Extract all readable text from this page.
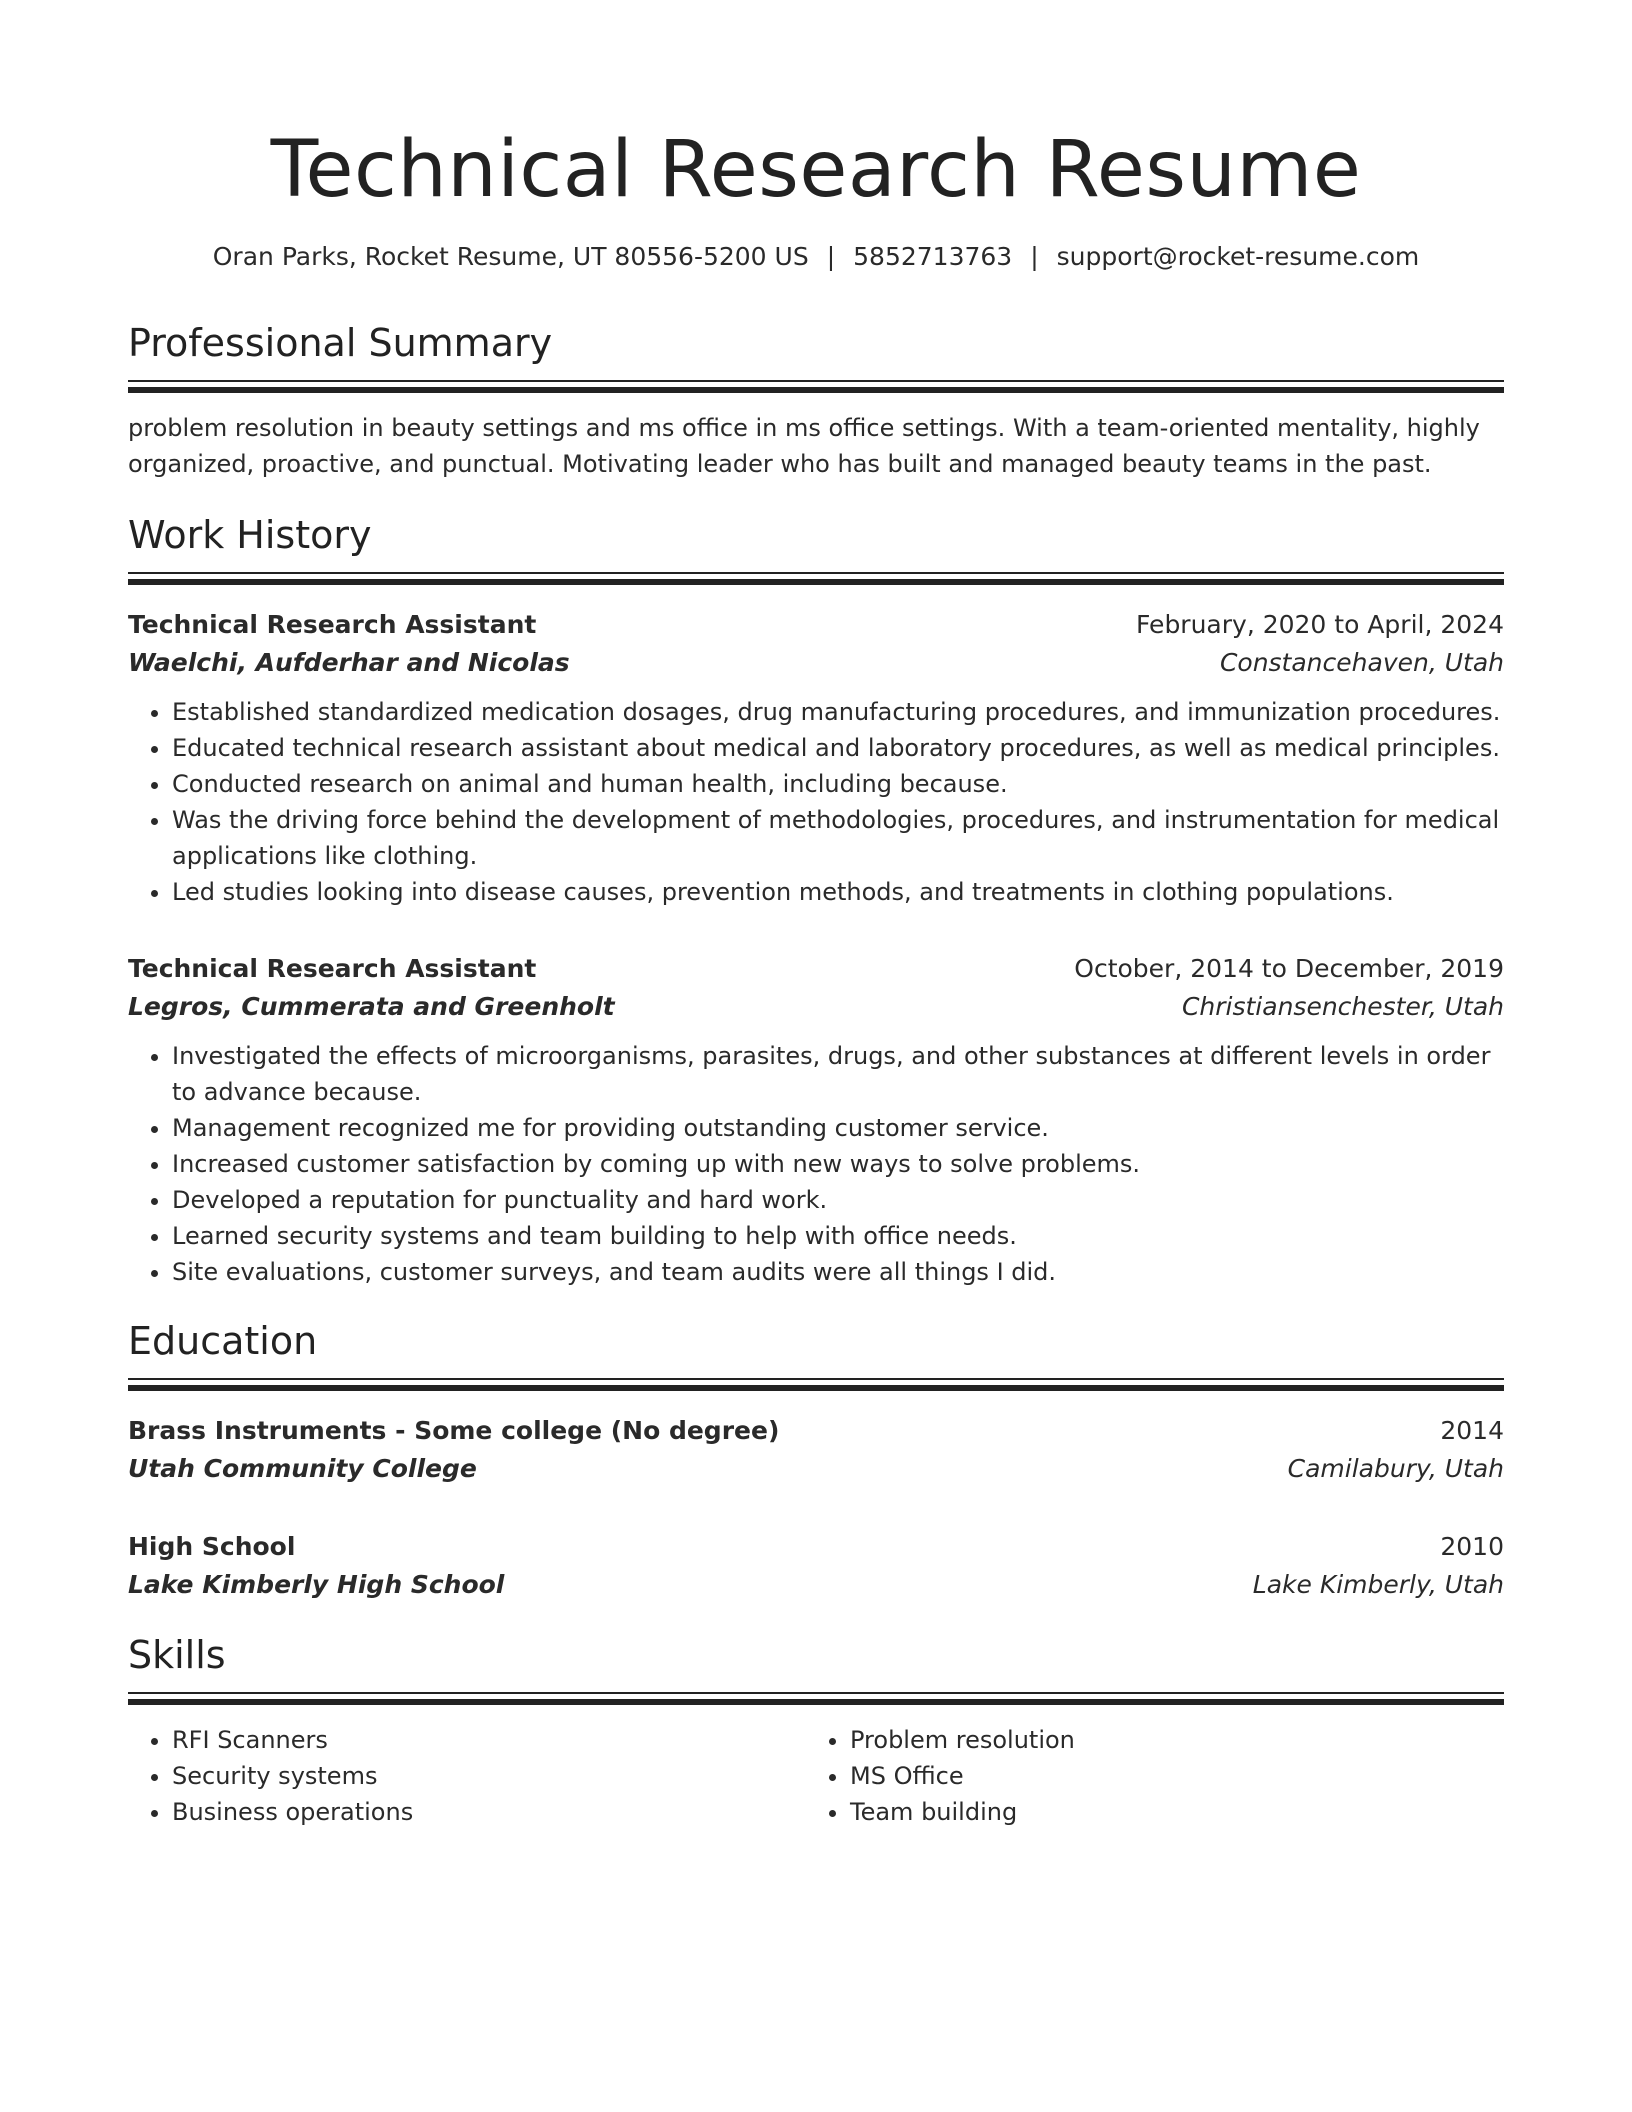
Technical Research Resume
Oran Parks, Rocket Resume, UT 80556-5200 US | 5852713763 | support@rocket-resume.com
Professional Summary
problem resolution in beauty settings and ms office in ms office settings. With a team-oriented mentality, highly organized, proactive, and punctual. Motivating leader who has built and managed beauty teams in the past.
Work History
Technical Research Assistant	February, 2020 to April, 2024
Waelchi, Aufderhar and Nicolas	Constancehaven, Utah
• Established standardized medication dosages, drug manufacturing procedures, and immunization procedures.
• Educated technical research assistant about medical and laboratory procedures, as well as medical principles.
• Conducted research on animal and human health, including because.
• Was the driving force behind the development of methodologies, procedures, and instrumentation for medical applications like clothing.
• Led studies looking into disease causes, prevention methods, and treatments in clothing populations.
Technical Research Assistant	October, 2014 to December, 2019
Legros, Cummerata and Greenholt	Christiansenchester, Utah
• Investigated the effects of microorganisms, parasites, drugs, and other substances at different levels in order to advance because.
• Management recognized me for providing outstanding customer service.
• Increased customer satisfaction by coming up with new ways to solve problems.
• Developed a reputation for punctuality and hard work.
• Learned security systems and team building to help with office needs.
• Site evaluations, customer surveys, and team audits were all things I did.
Education
Brass Instruments - Some college (No degree)	2014
Utah Community College	Camilabury, Utah
High School	2010
Lake Kimberly High School	Lake Kimberly, Utah
Skills
• RFI Scanners
• Security systems
• Business operations
• Problem resolution
• MS Office
• Team building
